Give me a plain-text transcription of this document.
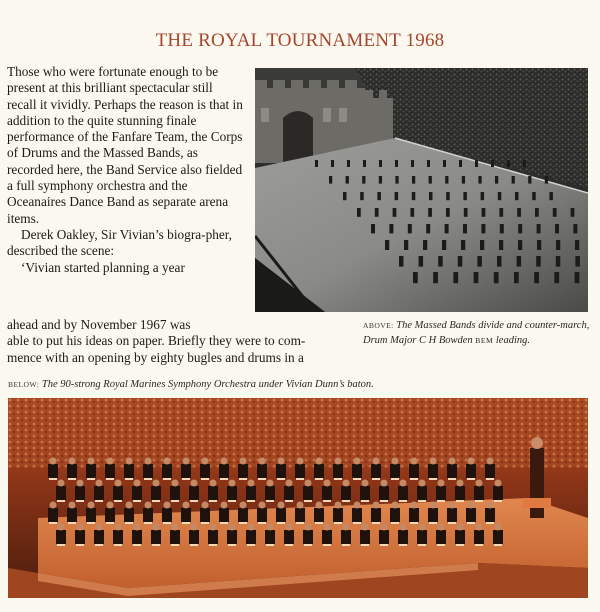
THE ROYAL TOURNAMENT 1968

Those who were fortunate enough to be present at this brilliant spectacular still recall it vividly. Perhaps the reason is that in addition to the quite stunning finale performance of the Fanfare Team, the Corps of Drums and the Massed Bands, as recorded here, the Band Service also fielded a full symphony orchestra and the Oceanaires Dance Band as separate arena items.

Derek Oakley, Sir Vivian’s biogra-pher, described the scene:

‘Vivian started planning a year

ahead and by November 1967 was

able to put his ideas on paper. Briefly they were to com-

mence with an opening by eighty bugles and drums in a

ABOVE: The Massed Bands divide and counter-march, Drum Major C H Bowden BEM leading.
BELOW: The 90-strong Royal Marines Symphony Orchestra under Vivian Dunn’s baton.
